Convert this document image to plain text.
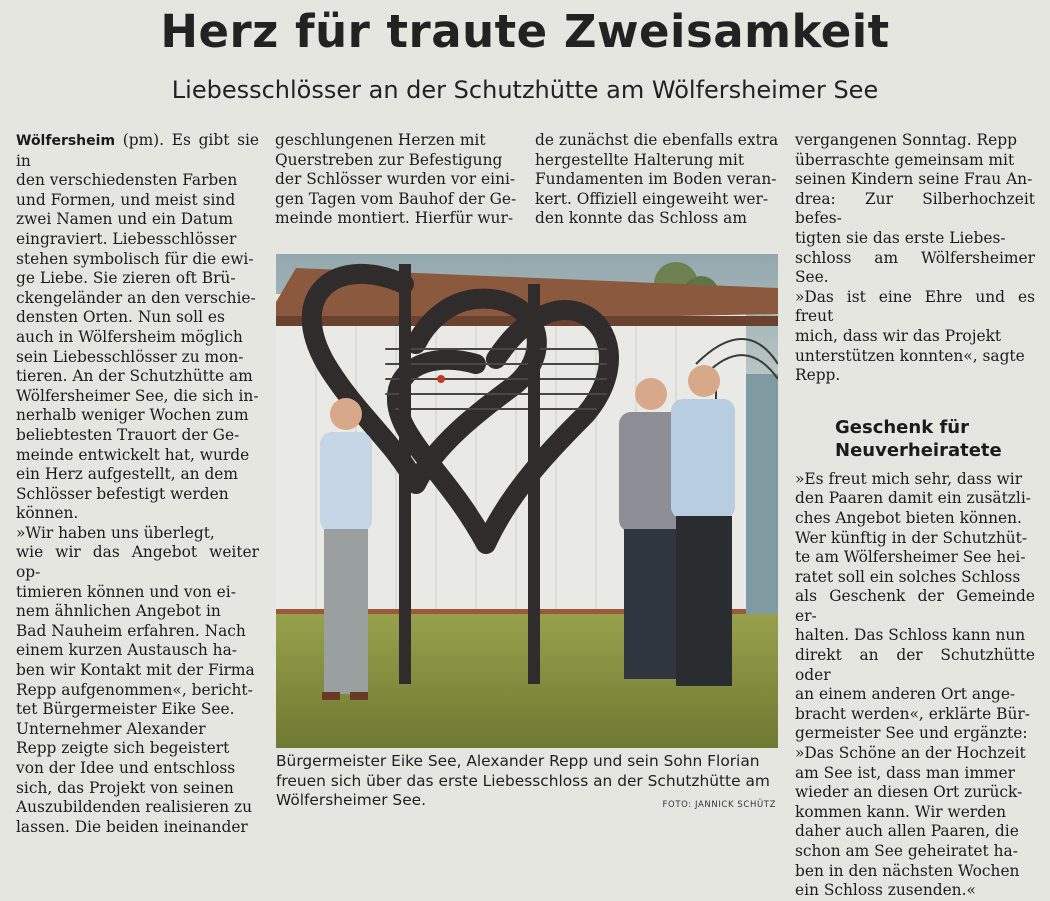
Herz für traute Zweisamkeit
Liebesschlösser an der Schutzhütte am Wölfersheimer See

Wölfersheim (pm). Es gibt sie in
den verschiedensten Farben
und Formen, und meist sind
zwei Namen und ein Datum
eingraviert. Liebesschlösser
stehen symbolisch für die ewi-
ge Liebe. Sie zieren oft Brü-
ckengeländer an den verschie-
densten Orten. Nun soll es
auch in Wölfersheim möglich
sein Liebesschlösser zu mon-
tieren. An der Schutzhütte am
Wölfersheimer See, die sich in-
nerhalb weniger Wochen zum
beliebtesten Trauort der Ge-
meinde entwickelt hat, wurde
ein Herz aufgestellt, an dem
Schlösser befestigt werden
können.
»Wir haben uns überlegt,
wie wir das Angebot weiter op-
timieren können und von ei-
nem ähnlichen Angebot in
Bad Nauheim erfahren. Nach
einem kurzen Austausch ha-
ben wir Kontakt mit der Firma
Repp aufgenommen«, bericht-
tet Bürgermeister Eike See.
Unternehmer Alexander
Repp zeigte sich begeistert
von der Idee und entschloss
sich, das Projekt von seinen
Auszubildenden realisieren zu
lassen. Die beiden ineinander

geschlungenen Herzen mit
Querstreben zur Befestigung
der Schlösser wurden vor eini-
gen Tagen vom Bauhof der Ge-
meinde montiert. Hierfür wur-

de zunächst die ebenfalls extra
hergestellte Halterung mit
Fundamenten im Boden veran-
kert. Offiziell eingeweiht wer-
den konnte das Schloss am

vergangenen Sonntag. Repp
überraschte gemeinsam mit
seinen Kindern seine Frau An-
drea: Zur Silberhochzeit befes-
tigten sie das erste Liebes-
schloss am Wölfersheimer See.
»Das ist eine Ehre und es freut
mich, dass wir das Projekt
unterstützen konnten«, sagte
Repp.

Geschenk für
Neuverheiratete

»Es freut mich sehr, dass wir
den Paaren damit ein zusätzli-
ches Angebot bieten können.
Wer künftig in der Schutzhüt-
te am Wölfersheimer See hei-
ratet soll ein solches Schloss
als Geschenk der Gemeinde er-
halten. Das Schloss kann nun
direkt an der Schutzhütte oder
an einem anderen Ort ange-
bracht werden«, erklärte Bür-
germeister See und ergänzte:
»Das Schöne an der Hochzeit
am See ist, dass man immer
wieder an diesen Ort zurück-
kommen kann. Wir werden
daher auch allen Paaren, die
schon am See geheiratet ha-
ben in den nächsten Wochen
ein Schloss zusenden.«

Bürgermeister Eike See, Alexander Repp und sein Sohn Florian
freuen sich über das erste Liebesschloss an der Schutzhütte am
Wölfersheimer See.	FOTO: JANNICK SCHÜTZ
